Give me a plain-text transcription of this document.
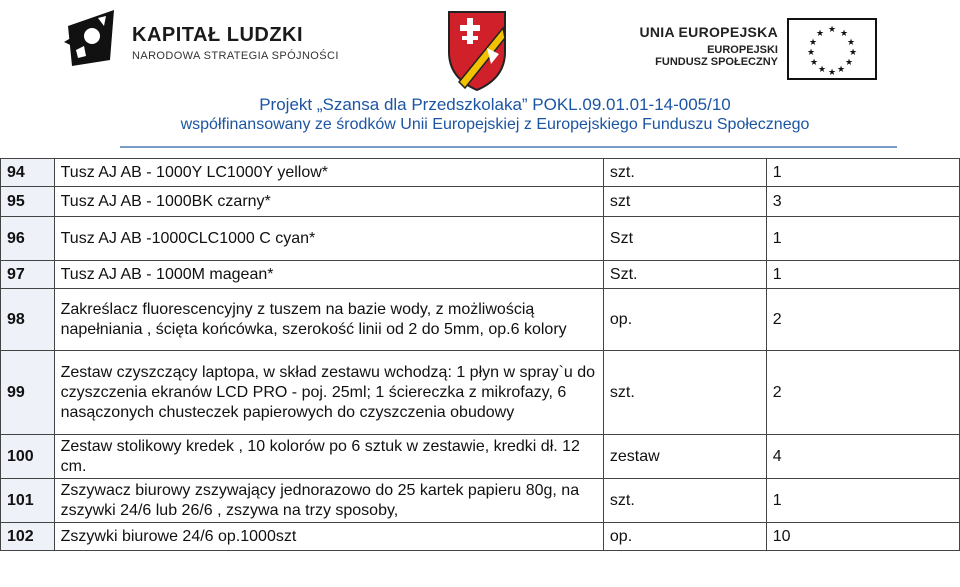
KAPITAŁ LUDZKI
NARODOWA STRATEGIA SPÓJNOŚCI
UNIA EUROPEJSKA
EUROPEJSKI
FUNDUSZ SPOŁECZNY
★ ★
★
★
★
★
★
★
★
★
★
★
Projekt „Szansa dla Przedszkolaka” POKL.09.01.01-14-005/10
współfinansowany ze środków Unii Europejskiej z Europejskiego Funduszu Społecznego
94	Tusz AJ AB - 1000Y LC1000Y yellow*	szt.	1
95	Tusz AJ AB - 1000BK czarny*	szt	3
96	Tusz AJ AB -1000CLC1000 C cyan*	Szt	1
97	Tusz AJ AB - 1000M magean*	Szt.	1
98	Zakreślacz fluorescencyjny z tuszem na bazie wody, z możliwością napełniania , ścięta końcówka, szerokość linii od 2 do 5mm, op.6 kolory	op.	2
99	Zestaw czyszczący laptopa, w skład zestawu wchodzą: 1 płyn w spray`u do czyszczenia ekranów LCD PRO - poj. 25ml; 1 ściereczka z mikrofazy, 6 nasączonych chusteczek papierowych do czyszczenia obudowy	szt.	2
100	Zestaw stolikowy kredek , 10 kolorów po 6 sztuk w zestawie, kredki dł. 12 cm.	zestaw	4
101	Zszywacz biurowy zszywający jednorazowo do 25 kartek papieru 80g, na zszywki 24/6 lub 26/6 , zszywa na trzy sposoby,	szt.	1
102	Zszywki biurowe 24/6 op.1000szt	op.	10
